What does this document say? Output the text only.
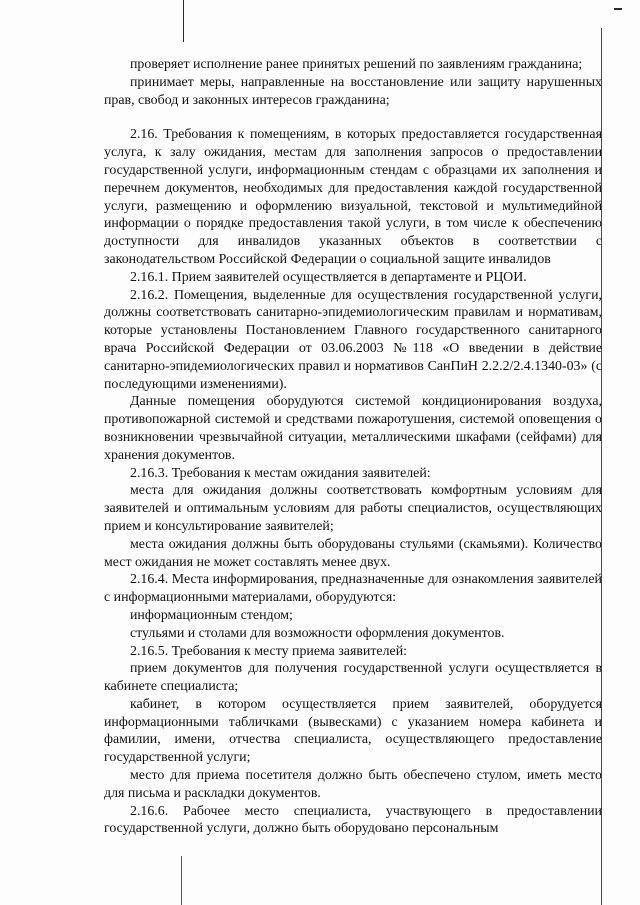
проверяет исполнение ранее принятых решений по заявлениям гражданина;

принимает меры, направленные на восстановление или защиту нарушенных прав, свобод и законных интересов гражданина;

2.16. Требования к помещениям, в которых предоставляется государственная услуга, к залу ожидания, местам для заполнения запросов о предоставлении государственной услуги, информационным стендам с образцами их заполнения и перечнем документов, необходимых для предоставления каждой государственной услуги, размещению и оформлению визуальной, текстовой и мультимедийной информации о порядке предоставления такой услуги, в том числе к обеспечению доступности для инвалидов указанных объектов в соответствии с законодательством Российской Федерации о социальной защите инвалидов

2.16.1. Прием заявителей осуществляется в департаменте и РЦОИ.

2.16.2. Помещения, выделенные для осуществления государственной услуги, должны соответствовать санитарно-эпидемиологическим правилам и нормативам, которые установлены Постановлением Главного государственного санитарного врача Российской Федерации от 03.06.2003 №118 «О введении в действие санитарно-эпидемиологических правил и нормативов СанПиН 2.2.2/2.4.1340-03» (с последующими изменениями).

Данные помещения оборудуются системой кондиционирования воздуха, противопожарной системой и средствами пожаротушения, системой оповещения о возникновении чрезвычайной ситуации, металлическими шкафами (сейфами) для хранения документов.

2.16.3. Требования к местам ожидания заявителей:

места для ожидания должны соответствовать комфортным условиям для заявителей и оптимальным условиям для работы специалистов, осуществляющих прием и консультирование заявителей;

места ожидания должны быть оборудованы стульями (скамьями). Количество мест ожидания не может составлять менее двух.

2.16.4. Места информирования, предназначенные для ознакомления заявителей с информационными материалами, оборудуются:

информационным стендом;

стульями и столами для возможности оформления документов.

2.16.5. Требования к месту приема заявителей:

прием документов для получения государственной услуги осуществляется в кабинете специалиста;

кабинет, в котором осуществляется прием заявителей, оборудуется информационными табличками (вывесками) с указанием номера кабинета и фамилии, имени, отчества специалиста, осуществляющего предоставление государственной услуги;

место для приема посетителя должно быть обеспечено стулом, иметь место для письма и раскладки документов.

2.16.6. Рабочее место специалиста, участвующего в предоставлении государственной услуги, должно быть оборудовано персональным
